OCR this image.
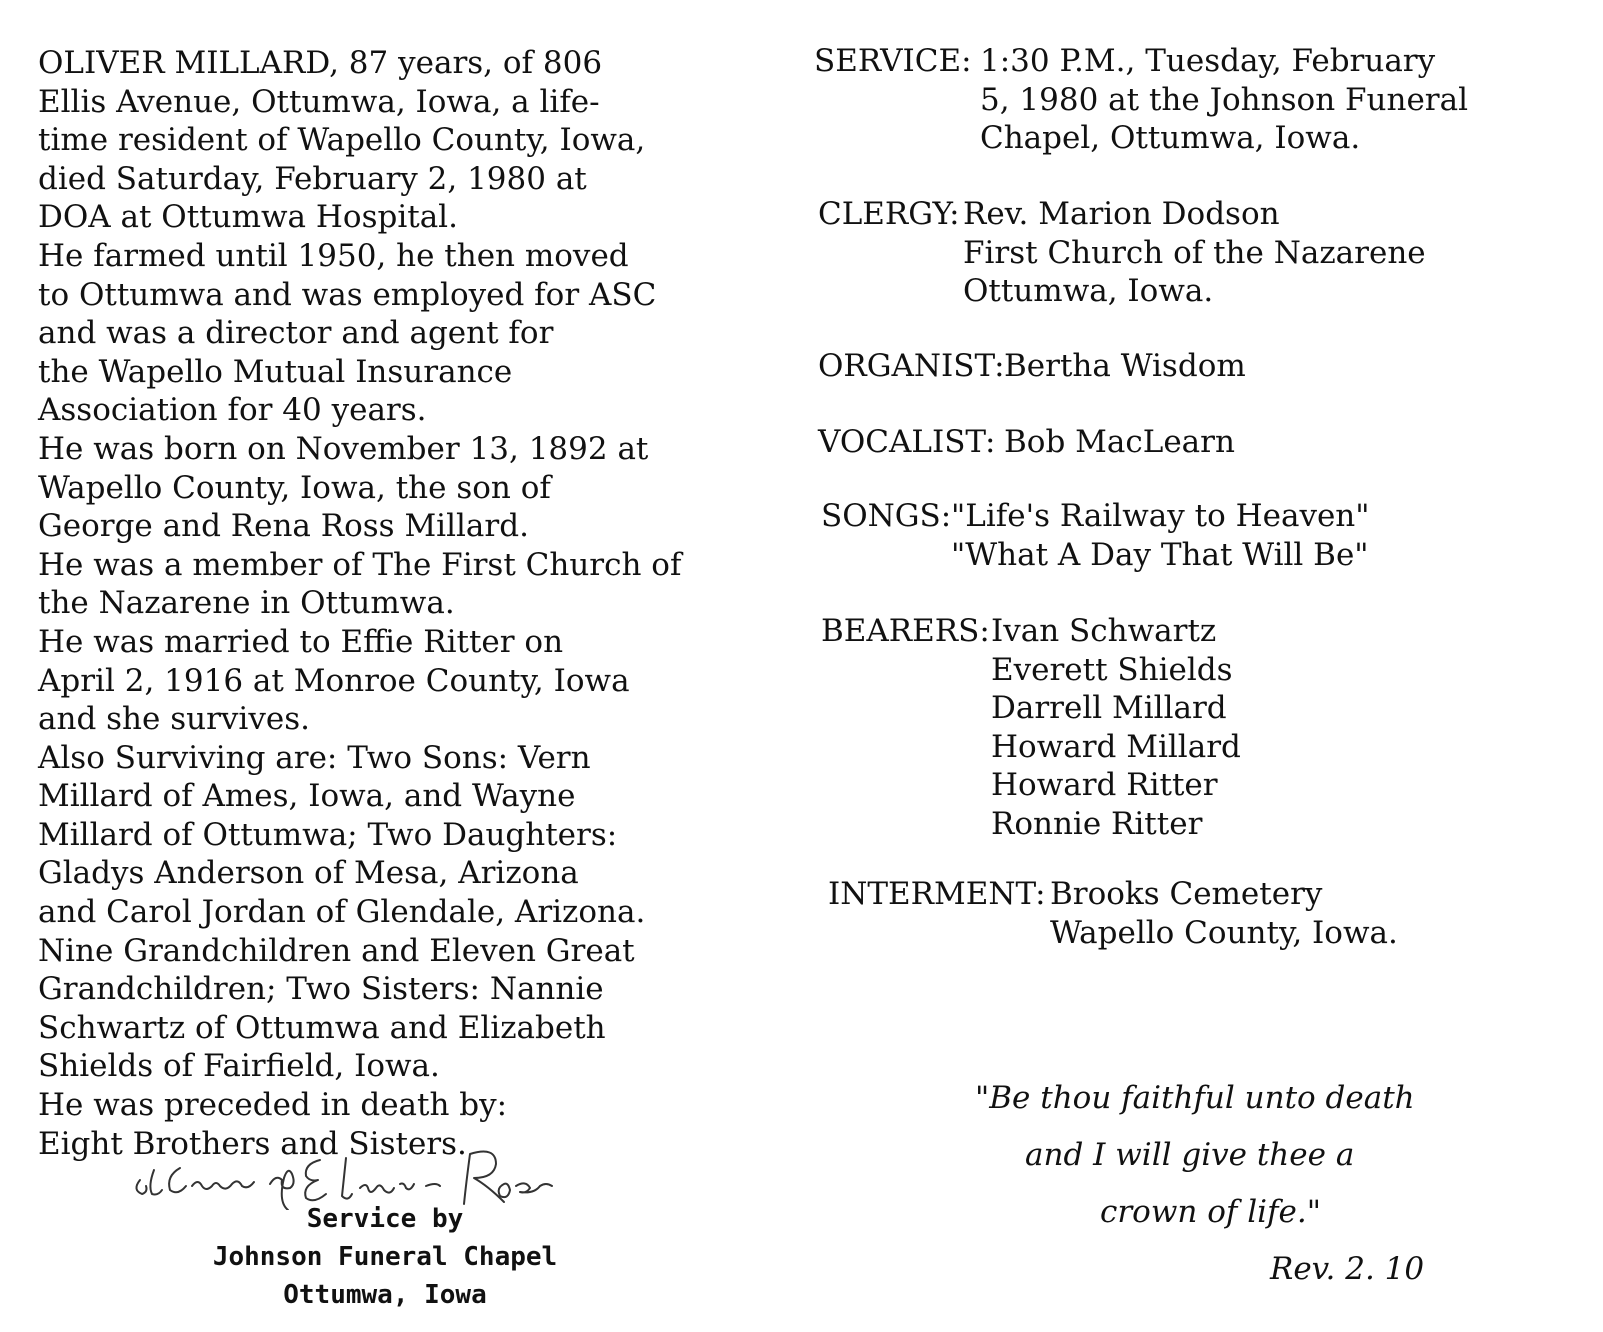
OLIVER MILLARD, 87 years, of 806
Ellis Avenue, Ottumwa, Iowa, a life-
time resident of Wapello County, Iowa,
died Saturday, February 2, 1980 at
DOA at Ottumwa Hospital.
He farmed until 1950, he then moved
to Ottumwa and was employed for ASC
and was a director and agent for
the Wapello Mutual Insurance
Association for 40 years.
He was born on November 13, 1892 at
Wapello County, Iowa, the son of
George and Rena Ross Millard.
He was a member of The First Church of
the Nazarene in Ottumwa.
He was married to Effie Ritter on
April 2, 1916 at Monroe County, Iowa
and she survives.
Also Surviving are: Two Sons: Vern
Millard of Ames, Iowa, and Wayne
Millard of Ottumwa; Two Daughters:
Gladys Anderson of Mesa, Arizona
and Carol Jordan of Glendale, Arizona.
Nine Grandchildren and Eleven Great
Grandchildren; Two Sisters: Nannie
Schwartz of Ottumwa and Elizabeth
Shields of Fairfield, Iowa.
He was preceded in death by:
Eight Brothers and Sisters.
Service by
Johnson Funeral Chapel
Ottumwa, Iowa
SERVICE: 1:30 P.M., Tuesday, February
5, 1980 at the Johnson Funeral
Chapel, Ottumwa, Iowa.
CLERGY: Rev. Marion Dodson
First Church of the Nazarene
Ottumwa, Iowa.
ORGANIST: Bertha Wisdom
VOCALIST: Bob MacLearn
SONGS: "Life's Railway to Heaven"
"What A Day That Will Be"
BEARERS: Ivan Schwartz
Everett Shields
Darrell Millard
Howard Millard
Howard Ritter
Ronnie Ritter
INTERMENT: Brooks Cemetery
Wapello County, Iowa.
"Be thou faithful unto death
and I will give thee a
crown of life."
Rev. 2. 10
